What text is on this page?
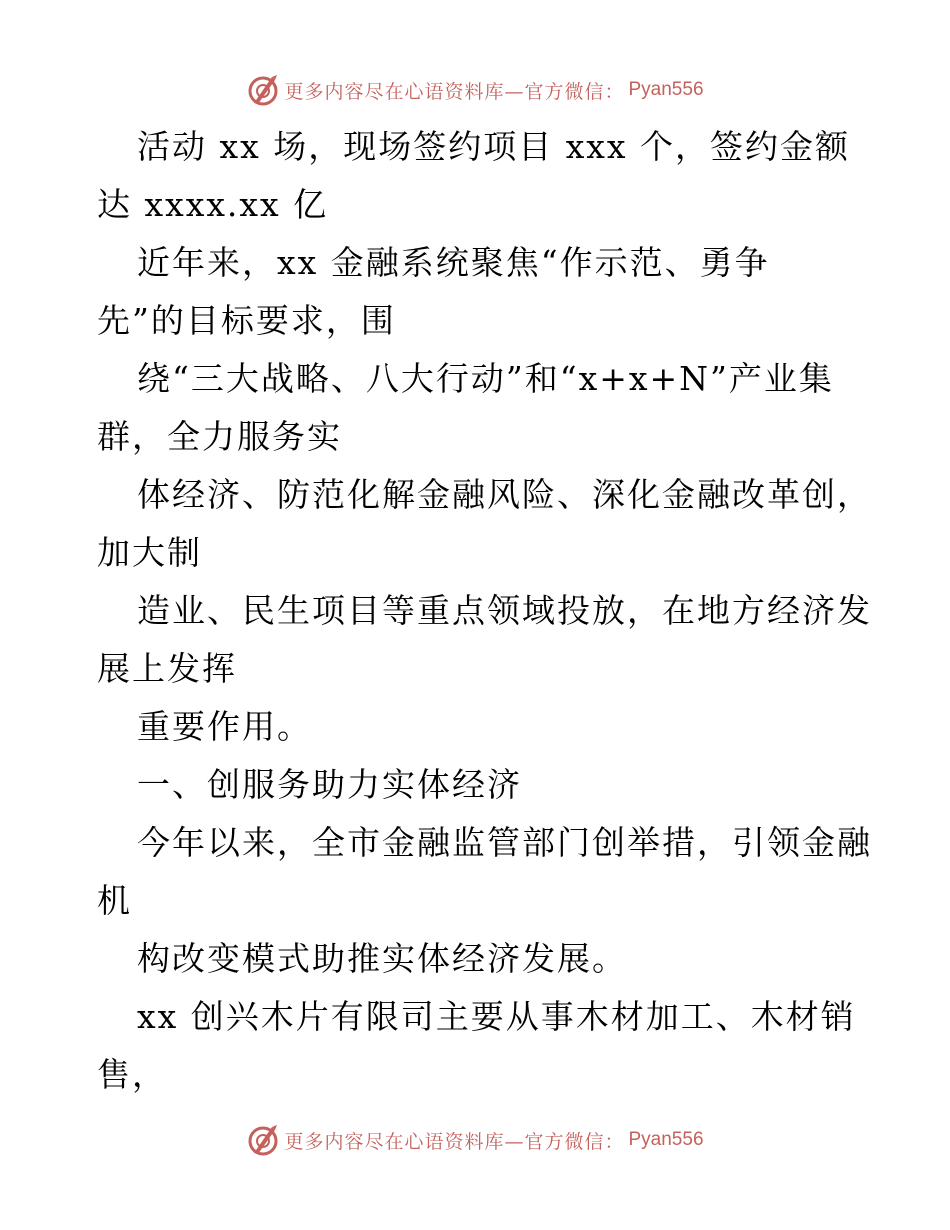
更多内容尽在心语资料库—官方微信： Pyan556
活动 xx 场，现场签约项目 xxx 个，签约金额
达 xxxx.xx 亿
近年来，xx 金融系统聚焦“作示范、勇争
先”的目标要求，围
绕“三大战略、八大行动”和“x+x+N”产业集
群，全力服务实
体经济、防范化解金融风险、深化金融改革创，
加大制
造业、民生项目等重点领域投放，在地方经济发
展上发挥
重要作用。
一、创服务助力实体经济
今年以来，全市金融监管部门创举措，引领金融
机
构改变模式助推实体经济发展。
xx 创兴木片有限司主要从事木材加工、木材销
售，
更多内容尽在心语资料库—官方微信： Pyan556
